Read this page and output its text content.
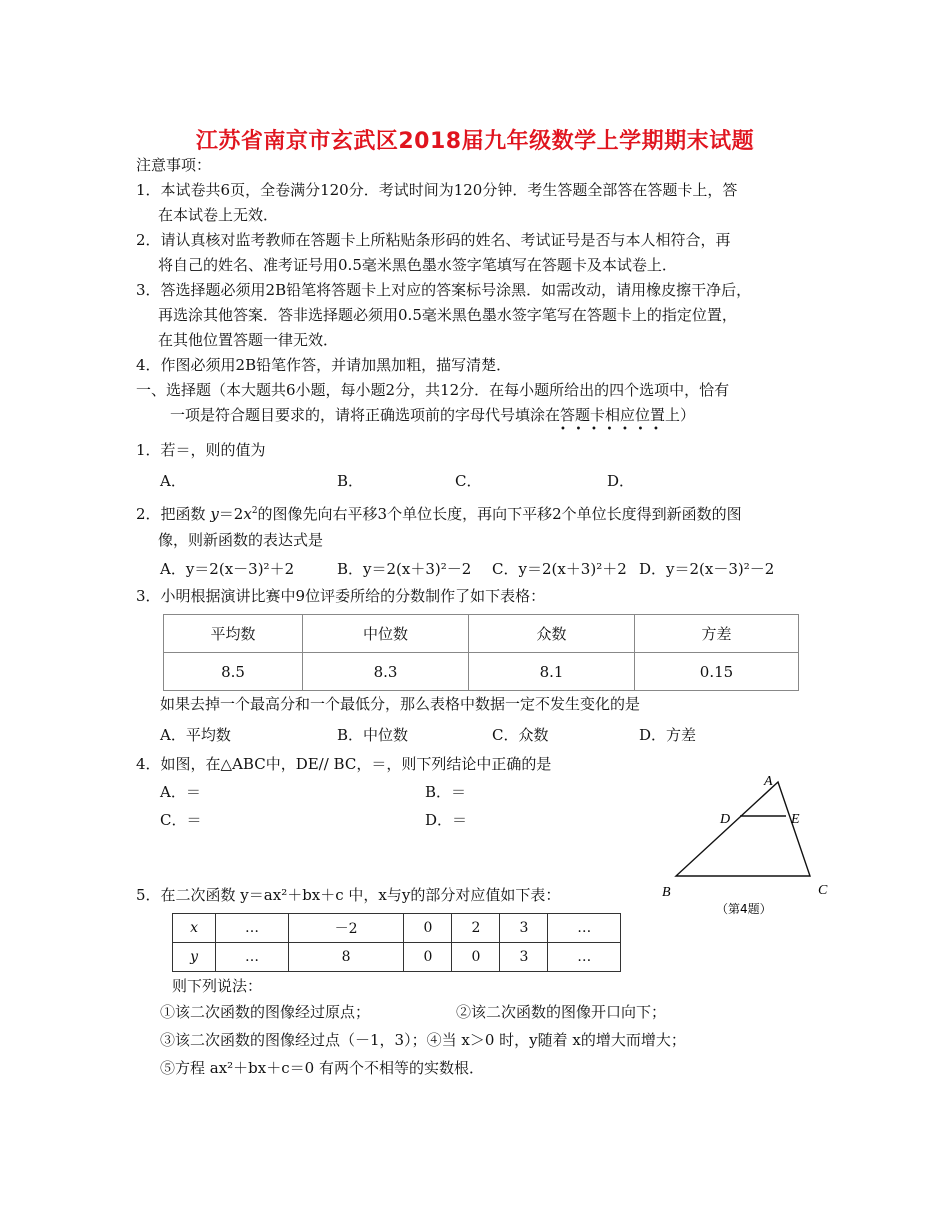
江苏省南京市玄武区2018届九年级数学上学期期末试题
注意事项：
1．本试卷共6页，全卷满分120分．考试时间为120分钟．考生答题全部答在答题卡上，答
在本试卷上无效．
2．请认真核对监考教师在答题卡上所粘贴条形码的姓名、考试证号是否与本人相符合，再
将自己的姓名、准考证号用0.5毫米黑色墨水签字笔填写在答题卡及本试卷上．
3．答选择题必须用2B铅笔将答题卡上对应的答案标号涂黑．如需改动，请用橡皮擦干净后，
再选涂其他答案．答非选择题必须用0.5毫米黑色墨水签字笔写在答题卡上的指定位置，
在其他位置答题一律无效．
4．作图必须用2B铅笔作答，并请加黑加粗，描写清楚．
一、选择题（本大题共6小题，每小题2分，共12分．在每小题所给出的四个选项中，恰有
一项是符合题目要求的，请将正确选项前的字母代号填涂在答题卡相应位置上
•••••••
）
1．若＝，则的值为
A．	B．	C．	D．
2．把函数 $y=2x^2$的图像先向右平移3个单位长度，再向下平移2个单位长度得到新函数的图
像，则新函数的表达式是
A．y＝2(x－3)²＋2	B．y＝2(x＋3)²－2 C．y＝2(x＋3)²＋2 D．y＝2(x－3)²－2
3．小明根据演讲比赛中9位评委所给的分数制作了如下表格：
平均数	中位数	众数	方差
8.5	8.3	8.1	0.15
如果去掉一个最高分和一个最低分，那么表格中数据一定不发生变化的是
A．平均数	B．中位数	C．众数	D．方差
4．如图，在△ABC中，DE// BC，＝，则下列结论中正确的是
A．＝	B．＝
C．＝	D．＝
A
D	E
B	C
（第4题）
5．在二次函数 y＝ax²＋bx＋c 中，x与y的部分对应值如下表：
x	…	－2	0	2	3	…
y	…	8	0	0	3	…
则下列说法：
①该二次函数的图像经过原点；	②该二次函数的图像开口向下；
③该二次函数的图像经过点（－1，3）；④当 x＞0 时，y随着 x的增大而增大；
⑤方程 ax²＋bx＋c＝0 有两个不相等的实数根．
